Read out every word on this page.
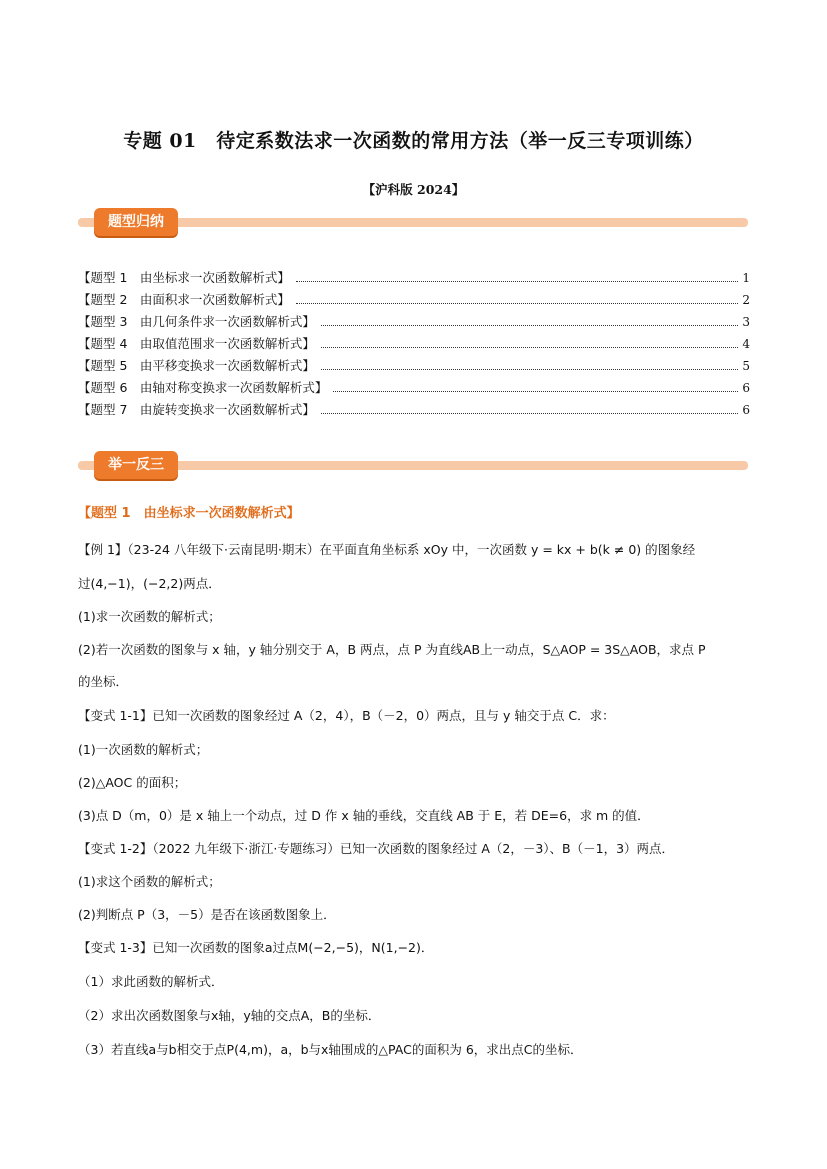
专题 01　待定系数法求一次函数的常用方法（举一反三专项训练）
【沪科版 2024】
题型归纳
【题型 1　由坐标求一次函数解析式】	1
【题型 2　由面积求一次函数解析式】	2
【题型 3　由几何条件求一次函数解析式】	3
【题型 4　由取值范围求一次函数解析式】	4
【题型 5　由平移变换求一次函数解析式】	5
【题型 6　由轴对称变换求一次函数解析式】	6
【题型 7　由旋转变换求一次函数解析式】	6
举一反三
【题型 1　由坐标求一次函数解析式】
【例 1】（23-24 八年级下·云南昆明·期末）在平面直角坐标系 xOy 中，一次函数 y = kx + b(k ≠ 0) 的图象经
过(4,−1)，(−2,2)两点．
(1)求一次函数的解析式；
(2)若一次函数的图象与 x 轴，y 轴分别交于 A，B 两点，点 P 为直线AB上一动点，S△AOP = 3S△AOB，求点 P
的坐标．
【变式 1-1】已知一次函数的图象经过 A（2，4），B（－2，0）两点，且与 y 轴交于点 C．求：
(1)一次函数的解析式；
(2)△AOC 的面积；
(3)点 D（m，0）是 x 轴上一个动点，过 D 作 x 轴的垂线，交直线 AB 于 E，若 DE=6，求 m 的值．
【变式 1-2】（2022 九年级下·浙江·专题练习）已知一次函数的图象经过 A（2，－3）、B（－1，3）两点．
(1)求这个函数的解析式；
(2)判断点 P（3，－5）是否在该函数图象上．
【变式 1-3】已知一次函数的图象a过点M(−2,−5)，N(1,−2)．
（1）求此函数的解析式．
（2）求出次函数图象与x轴，y轴的交点A，B的坐标．
（3）若直线a与b相交于点P(4,m)，a，b与x轴围成的△PAC的面积为 6，求出点C的坐标．
